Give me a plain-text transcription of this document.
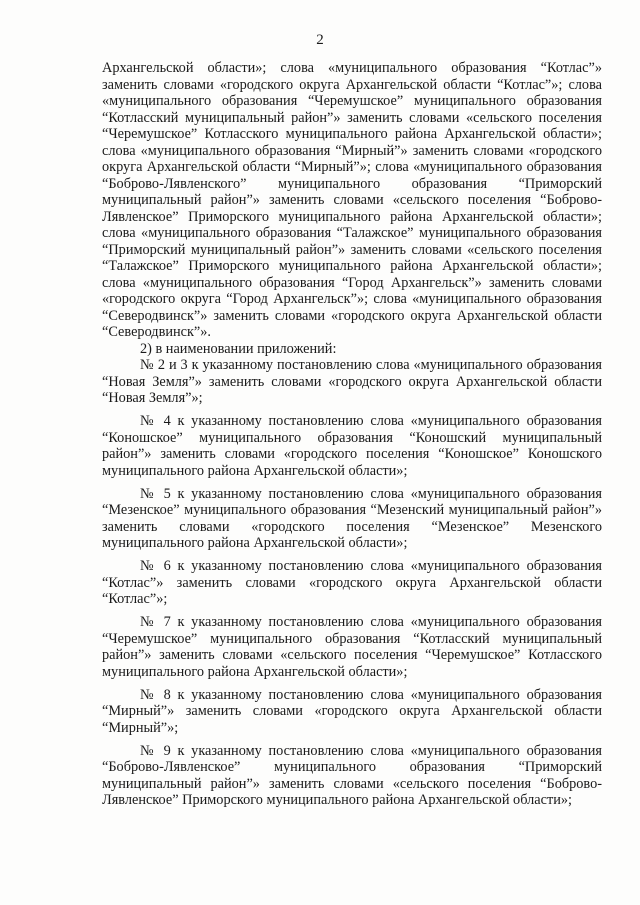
2

Архангельской области»; слова «муниципального образования “Котлас”» заменить словами «городского округа Архангельской области “Котлас”»; слова «муниципального образования “Черемушское” муниципального образования “Котласский муниципальный район”» заменить словами «сельского поселения “Черемушское” Котласского муниципального района Архангельской области»; слова «муниципального образования “Мирный”» заменить словами «городского округа Архангельской области “Мирный”»; слова «муниципального образования “Боброво-Лявленского” муниципального образования “Приморский муниципальный район”» заменить словами «сельского поселения “Боброво-Лявленское” Приморского муниципального района Архангельской области»; слова «муниципального образования “Талажское” муниципального образования “Приморский муниципальный район”» заменить словами «сельского поселения “Талажское” Приморского муниципального района Архангельской области»; слова «муниципального образования “Город Архангельск”» заменить словами «городского округа “Город Архангельск”»; слова «муниципального образования “Северодвинск”» заменить словами «городского округа Архангельской области “Северодвинск”».

2) в наименовании приложений:

№ 2 и 3 к указанному постановлению слова «муниципального образования “Новая Земля”» заменить словами «городского округа Архангельской области “Новая Земля”»;

№ 4 к указанному постановлению слова «муниципального образования “Коношское” муниципального образования “Коношский муниципальный район”» заменить словами «городского поселения “Коношское” Коношского муниципального района Архангельской области»;

№ 5 к указанному постановлению слова «муниципального образования “Мезенское” муниципального образования “Мезенский муниципальный район”» заменить словами «городского поселения “Мезенское” Мезенского муниципального района Архангельской области»;

№ 6 к указанному постановлению слова «муниципального образования “Котлас”» заменить словами «городского округа Архангельской области “Котлас”»;

№ 7 к указанному постановлению слова «муниципального образования “Черемушское” муниципального образования “Котласский муниципальный район”» заменить словами «сельского поселения “Черемушское” Котласского муниципального района Архангельской области»;

№ 8 к указанному постановлению слова «муниципального образования “Мирный”» заменить словами «городского округа Архангельской области “Мирный”»;

№ 9 к указанному постановлению слова «муниципального образования “Боброво-Лявленское” муниципального образования “Приморский муниципальный район”» заменить словами «сельского поселения “Боброво-Лявленское” Приморского муниципального района Архангельской области»;
